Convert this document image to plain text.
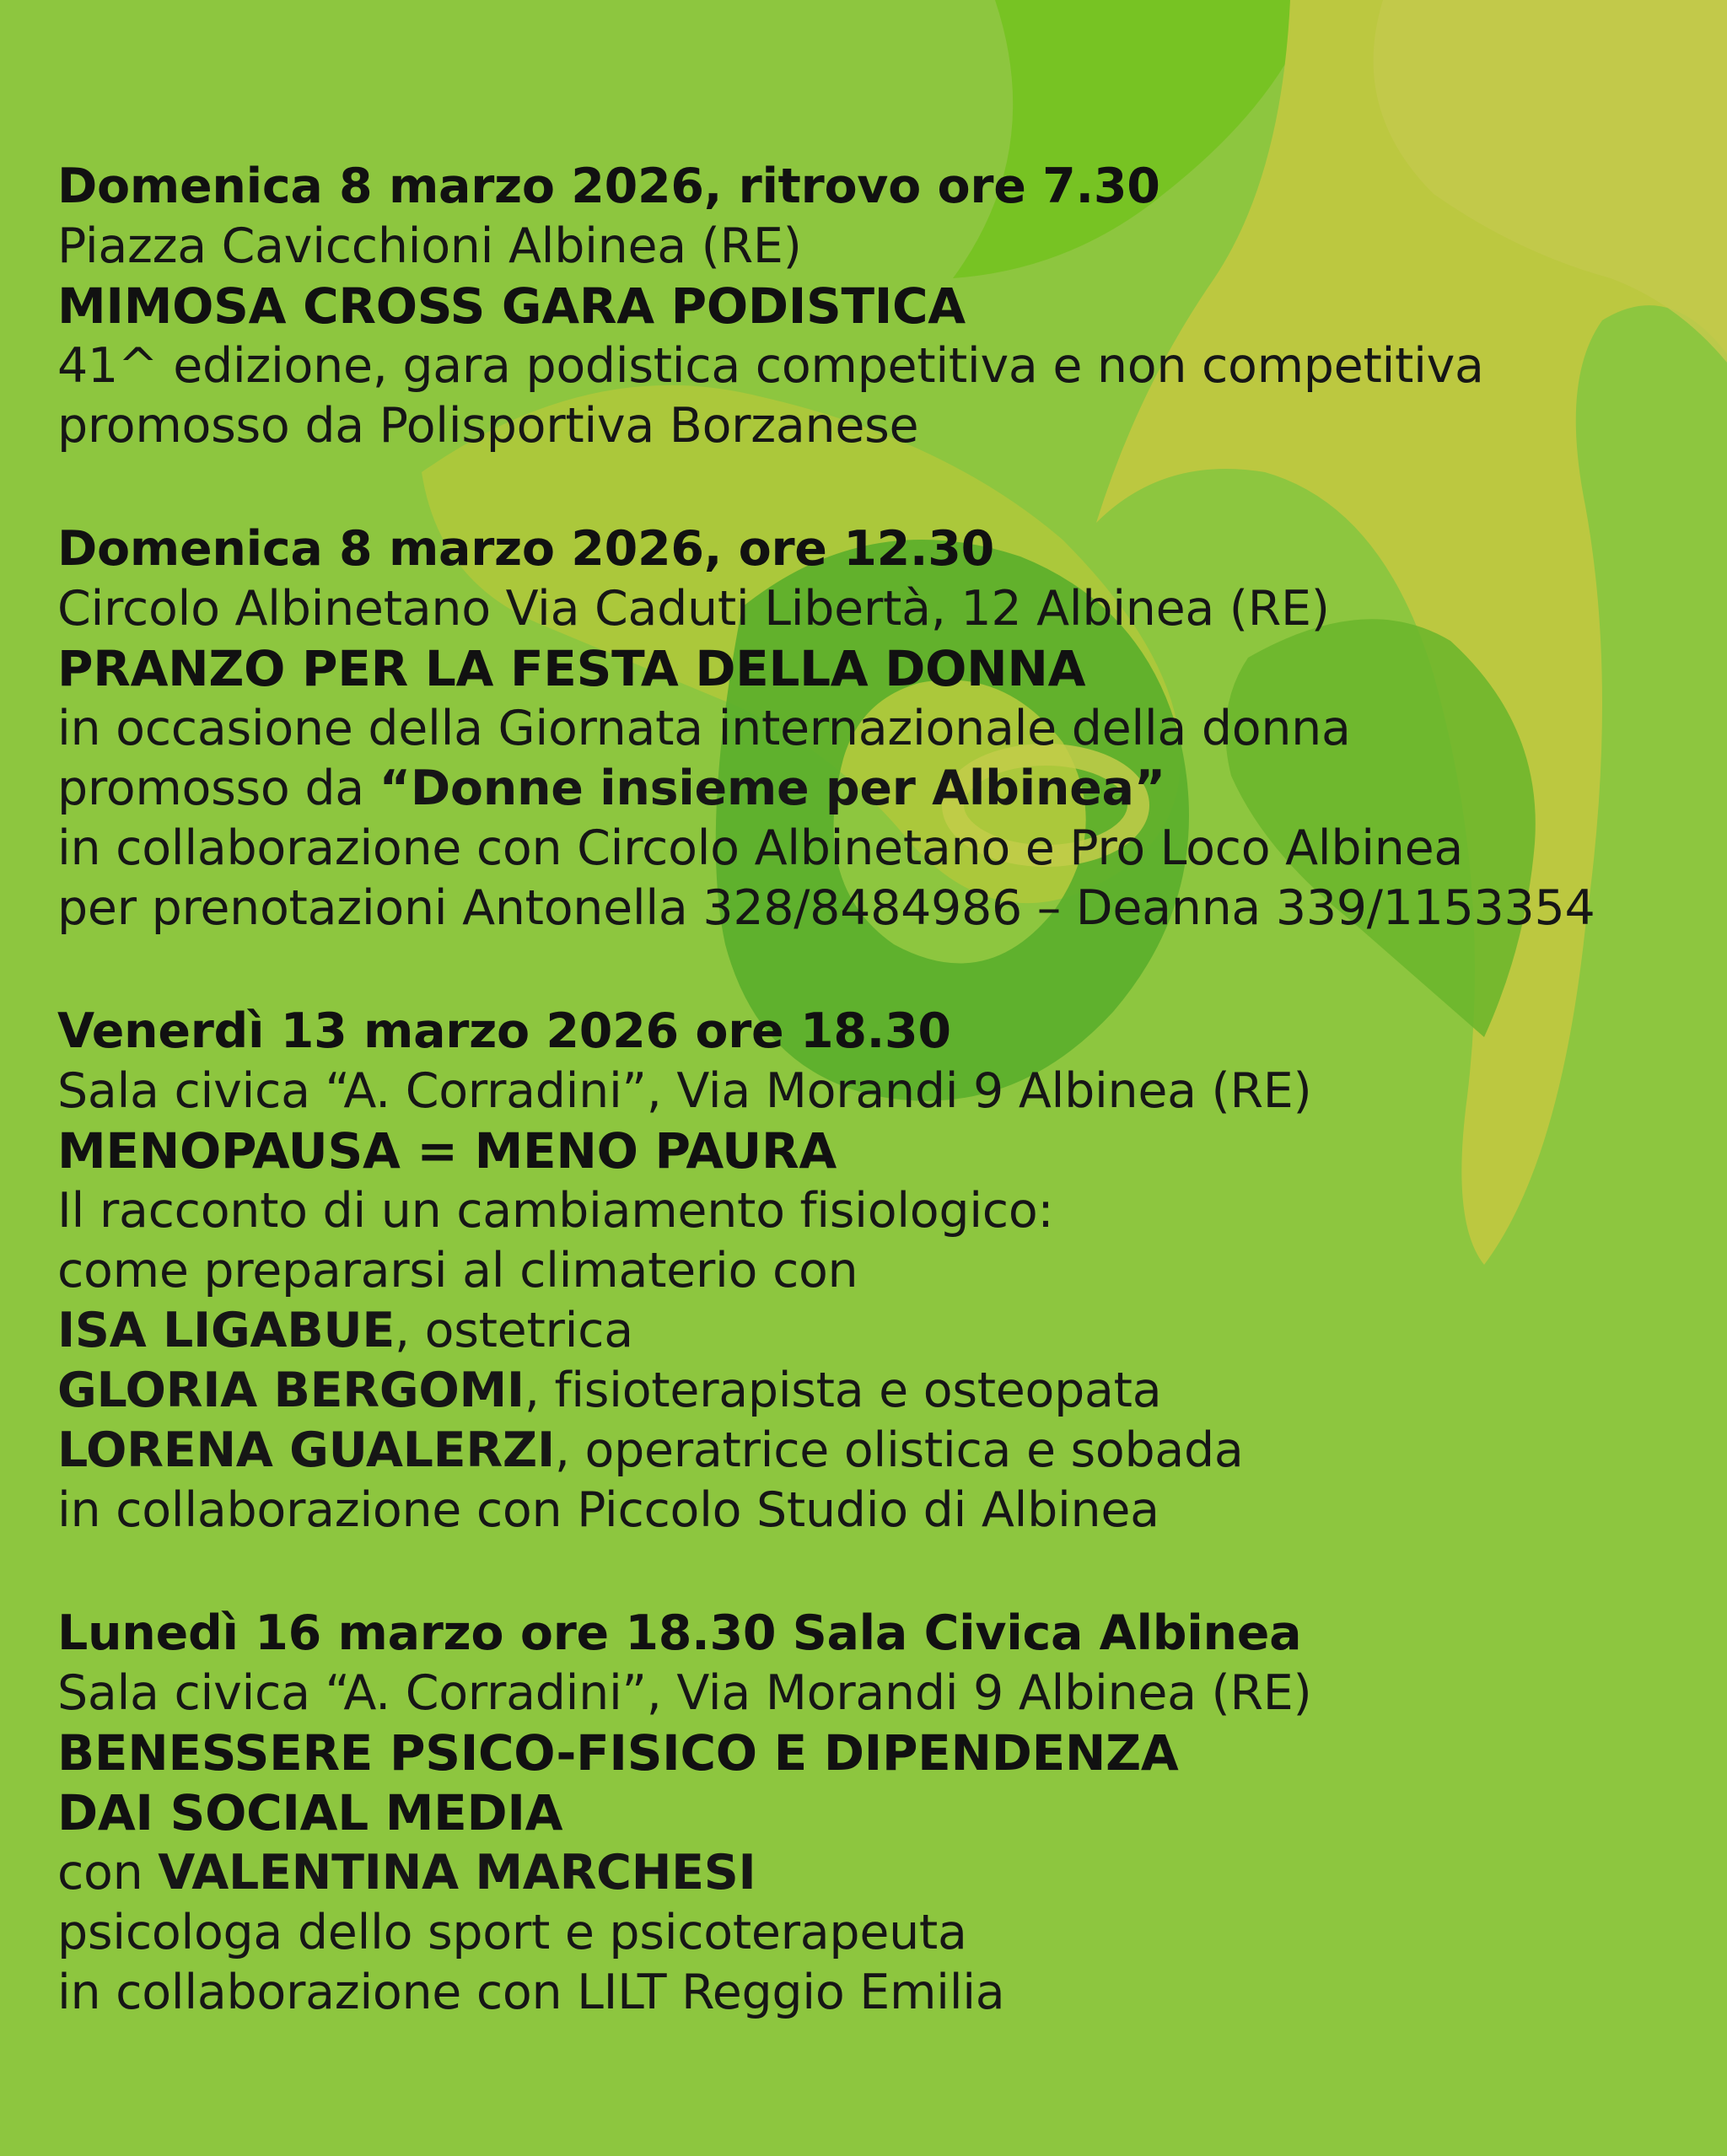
Domenica 8 marzo 2026, ritrovo ore 7.30
Piazza Cavicchioni Albinea (RE)
MIMOSA CROSS GARA PODISTICA
41^ edizione, gara podistica competitiva e non competitiva
promosso da Polisportiva Borzanese
Domenica 8 marzo 2026, ore 12.30
Circolo Albinetano Via Caduti Libertà, 12 Albinea (RE)
PRANZO PER LA FESTA DELLA DONNA
in occasione della Giornata internazionale della donna
promosso da “Donne insieme per Albinea”
in collaborazione con Circolo Albinetano e Pro Loco Albinea
per prenotazioni Antonella 328/8484986 – Deanna 339/1153354
Venerdì 13 marzo 2026 ore 18.30
Sala civica “A. Corradini”, Via Morandi 9 Albinea (RE)
MENOPAUSA = MENO PAURA
Il racconto di un cambiamento fisiologico:
come prepararsi al climaterio con
ISA LIGABUE, ostetrica
GLORIA BERGOMI, fisioterapista e osteopata
LORENA GUALERZI, operatrice olistica e sobada
in collaborazione con Piccolo Studio di Albinea
Lunedì 16 marzo ore 18.30 Sala Civica Albinea
Sala civica “A. Corradini”, Via Morandi 9 Albinea (RE)
BENESSERE PSICO-FISICO E DIPENDENZA
DAI SOCIAL MEDIA
con VALENTINA MARCHESI
psicologa dello sport e psicoterapeuta
in collaborazione con LILT Reggio Emilia
